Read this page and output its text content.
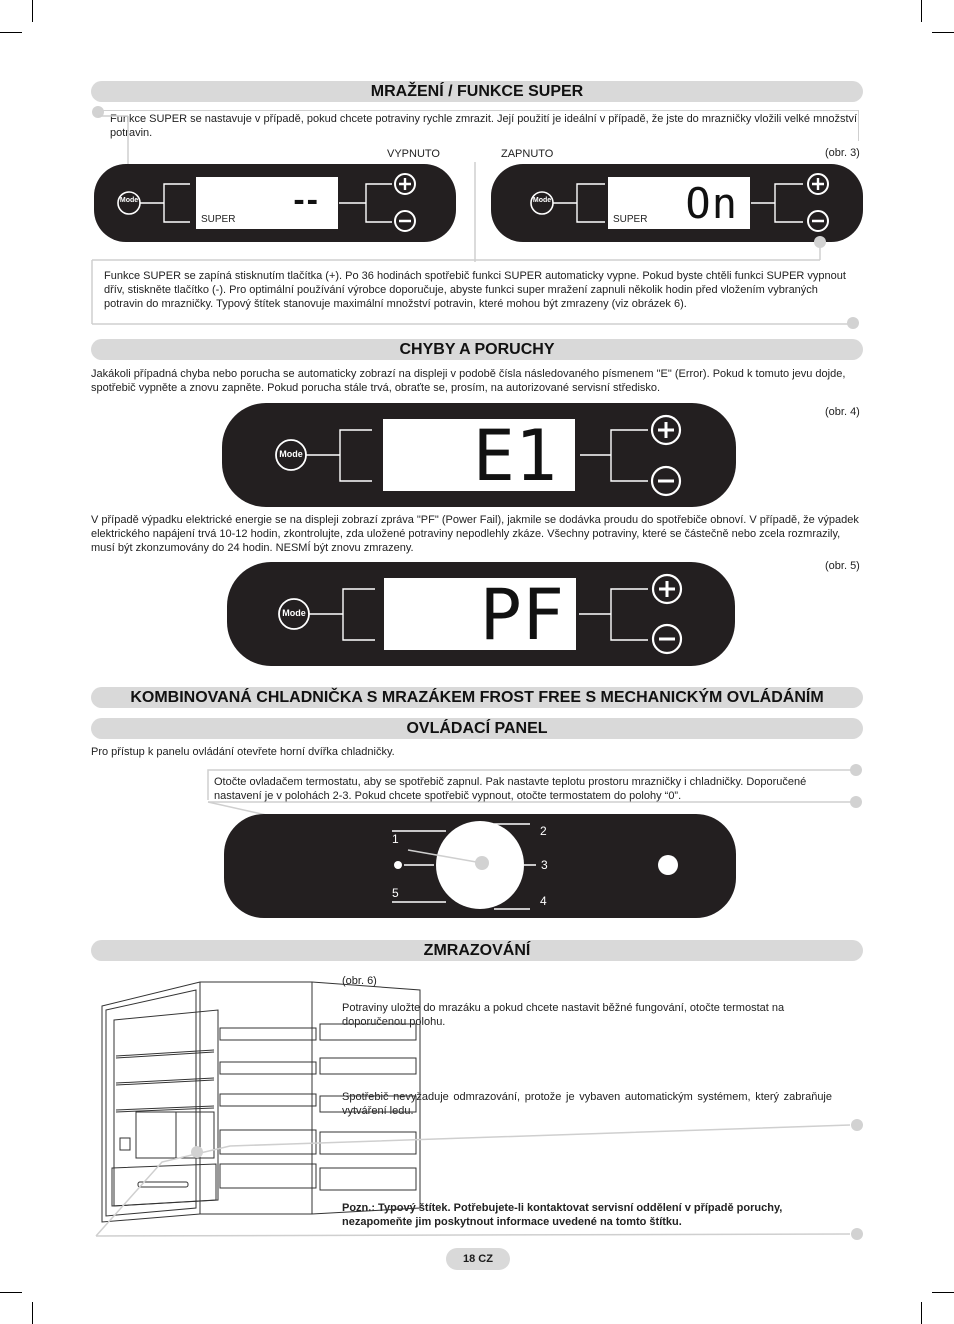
MRAŽENÍ / FUNKCE SUPER
Funkce SUPER se nastavuje v případě, pokud chcete potraviny rychle zmrazit. Její použití je ideální v případě, že jste do mrazničky vložili velké množství potravin.
VYPNUTO	ZAPNUTO	(obr. 3)
Mode	--
SUPER
Mode	On
SUPER
Funkce SUPER se zapíná stisknutím tlačítka (+). Po 36 hodinách spotřebič funkci SUPER automaticky vypne. Pokud byste chtěli funkci SUPER vypnout dřív, stiskněte tlačítko (-). Pro optimální používání výrobce doporučuje, abyste funkci super mražení zapnuli několik hodin před vložením vybraných potravin do mrazničky. Typový štítek stanovuje maximální množství potravin, které mohou být zmrazeny (viz obrázek 6).
CHYBY A PORUCHY
Jakákoli případná chyba nebo porucha se automaticky zobrazí na displeji v podobě čísla následovaného písmenem "E" (Error). Pokud k tomuto jevu dojde, spotřebič vypněte a znovu zapněte. Pokud porucha stále trvá, obraťte se, prosím, na autorizované servisní středisko.
(obr. 4)
Mode E1
V případě výpadku elektrické energie se na displeji zobrazí zpráva "PF" (Power Fail), jakmile se dodávka proudu do spotřebiče obnoví. V případě, že výpadek elektrického napájení trvá 10-12 hodin, zkontrolujte, zda uložené potraviny nepodlehly zkáze. Všechny potraviny, které se částečně nebo zcela rozmrazily, musí být zkonzumovány do 24 hodin. NESMÍ být znovu zmrazeny.
(obr. 5)
Mode PF
KOMBINOVANÁ CHLADNIČKA S MRAZÁKEM FROST FREE S MECHANICKÝM OVLÁDÁNÍM
OVLÁDACÍ PANEL
Pro přístup k panelu ovládání otevřete horní dvířka chladničky.
Otočte ovladačem termostatu, aby se spotřebič zapnul. Pak nastavte teplotu prostoru mrazničky i chladničky. Doporučené nastavení je v polohách 2-3. Pokud chcete spotřebič vypnout, otočte termostatem do polohy “0”.
1
2
3
4
5
ZMRAZOVÁNÍ
(obr. 6)
Potraviny uložte do mrazáku a pokud chcete nastavit běžné fungování, otočte termostat na doporučenou polohu.
Spotřebič nevyžaduje odmrazování, protože je vybaven automatickým systémem, který zabraňuje vytváření ledu.
Pozn.: Typový štítek. Potřebujete-li kontaktovat servisní oddělení v případě poruchy, nezapomeňte jim poskytnout informace uvedené na tomto štítku.
18 CZ
